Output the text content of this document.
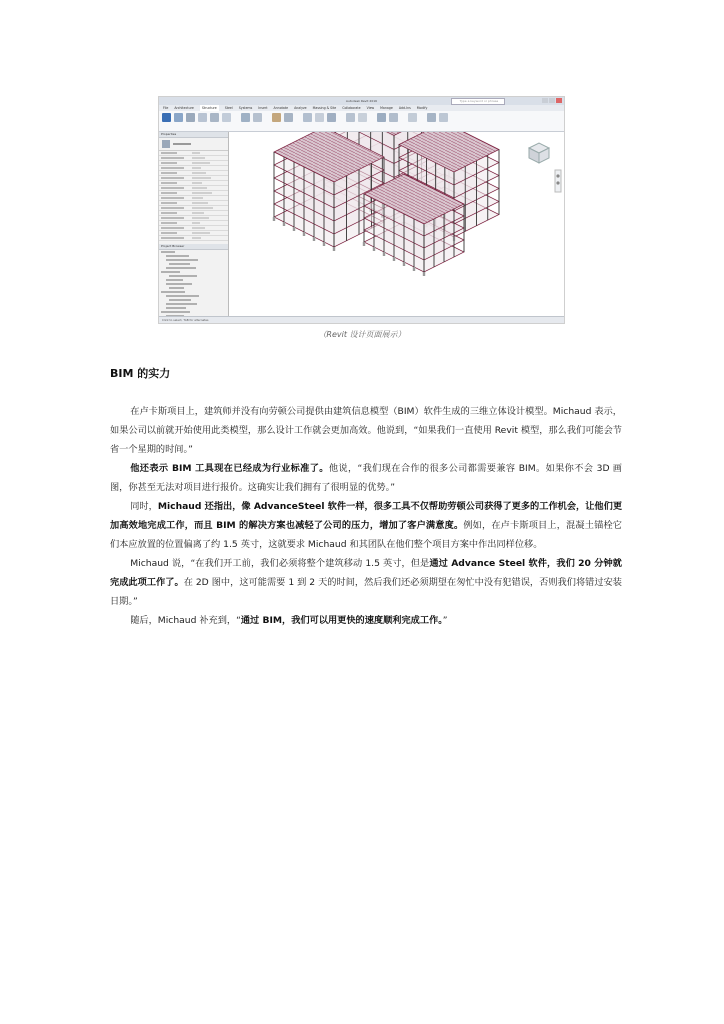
Autodesk Revit 2016	Type a keyword or phrase
File Architecture	Structure	Steel Systems Insert Annotate Analyze Massing & Site Collaborate View Manage Add-Ins Modify
Properties
Project Browser
Click to select, TAB for alternates
（Revit 设计页面展示）
BIM 的实力

在卢卡斯项目上，建筑师并没有向劳顿公司提供由建筑信息模型（BIM）软件生成的三维立体设计模型。Michaud 表示，如果公司以前就开始使用此类模型，那么设计工作就会更加高效。他说到，“如果我们一直使用 Revit 模型，那么我们可能会节省一个星期的时间。”

他还表示 BIM 工具现在已经成为行业标准了。他说，“我们现在合作的很多公司都需要兼容 BIM。如果你不会 3D 画图，你甚至无法对项目进行报价。这确实让我们拥有了很明显的优势。”

同时，Michaud 还指出，像 AdvanceSteel 软件一样，很多工具不仅帮助劳顿公司获得了更多的工作机会，让他们更加高效地完成工作，而且 BIM 的解决方案也减轻了公司的压力，增加了客户满意度。例如，在卢卡斯项目上，混凝土锚栓它们本应放置的位置偏离了约 1.5 英寸，这就要求 Michaud 和其团队在他们整个项目方案中作出同样位移。

Michaud 说，“在我们开工前，我们必须将整个建筑移动 1.5 英寸，但是通过 Advance Steel 软件，我们 20 分钟就完成此项工作了。在 2D 图中，这可能需要 1 到 2 天的时间，然后我们还必须期望在匆忙中没有犯错误，否则我们将错过安装日期。”

随后，Michaud 补充到，“通过 BIM，我们可以用更快的速度顺利完成工作。”
